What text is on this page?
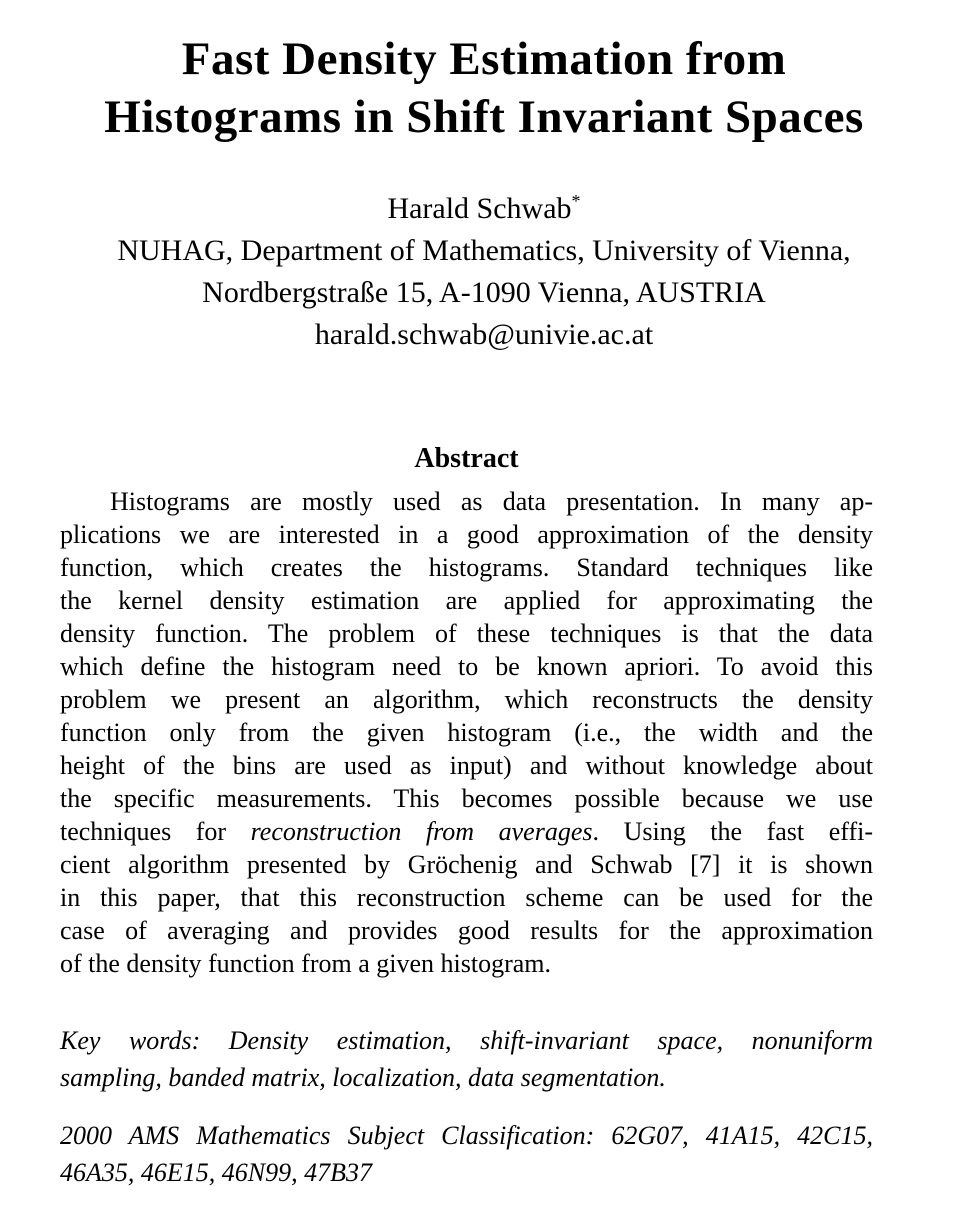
Fast Density Estimation from
Histograms in Shift Invariant Spaces
Harald Schwab*
NUHAG, Department of Mathematics, University of Vienna,
Nordbergstraße 15, A-1090 Vienna, AUSTRIA
harald.schwab@univie.ac.at
Abstract
Histograms are mostly used as data presentation. In many ap-
plications we are interested in a good approximation of the density
function, which creates the histograms. Standard techniques like
the kernel density estimation are applied for approximating the
density function. The problem of these techniques is that the data
which define the histogram need to be known apriori. To avoid this
problem we present an algorithm, which reconstructs the density
function only from the given histogram (i.e., the width and the
height of the bins are used as input) and without knowledge about
the specific measurements. This becomes possible because we use
techniques for reconstruction from averages. Using the fast effi-
cient algorithm presented by Gröchenig and Schwab [7] it is shown
in this paper, that this reconstruction scheme can be used for the
case of averaging and provides good results for the approximation
of the density function from a given histogram.
Key words: Density estimation, shift-invariant space, nonuniform
sampling, banded matrix, localization, data segmentation.
2000 AMS Mathematics Subject Classification: 62G07, 41A15, 42C15,
46A35, 46E15, 46N99, 47B37
